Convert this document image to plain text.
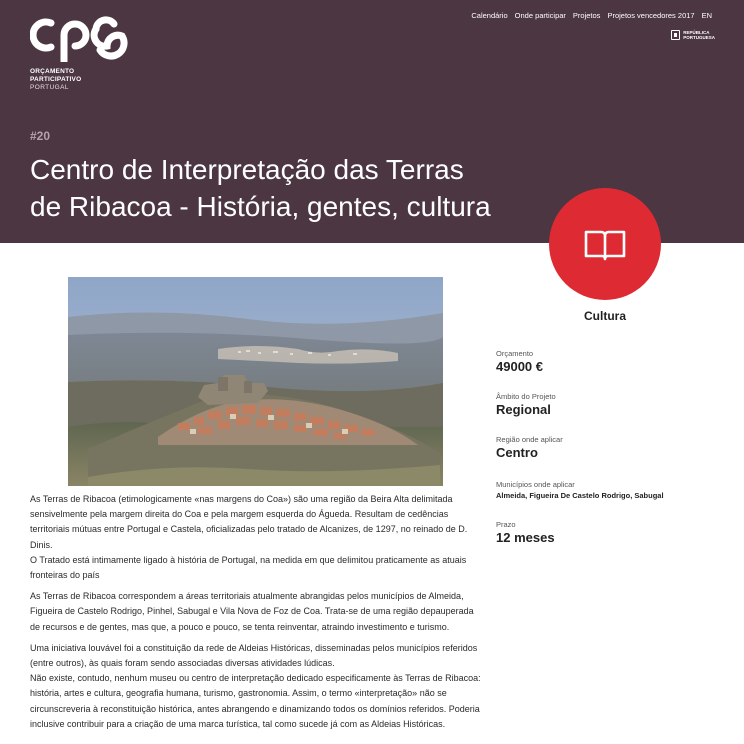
ORÇAMENTO
PARTICIPATIVO
PORTUGAL
Calendário Onde participar Projetos Projetos vencedores 2017 EN
REPÚBLICA
PORTUGUESA
#20
Centro de Interpretação das Terras de Ribacoa - História, gentes, cultura
Cultura
Orçamento
49000 €
Âmbito do Projeto
Regional
Região onde aplicar
Centro
Municípios onde aplicar
Almeida, Figueira De Castelo Rodrigo, Sabugal
Prazo
12 meses

As Terras de Ribacoa (etimologicamente «nas margens do Coa») são uma região da Beira Alta delimitada sensivelmente pela margem direita do Coa e pela margem esquerda do Águeda. Resultam de cedências territoriais mútuas entre Portugal e Castela, oficializadas pelo tratado de Alcanizes, de 1297, no reinado de D. Dinis.

O Tratado está intimamente ligado à história de Portugal, na medida em que delimitou praticamente as atuais fronteiras do país

As Terras de Ribacoa correspondem a áreas territoriais atualmente abrangidas pelos municípios de Almeida, Figueira de Castelo Rodrigo, Pinhel, Sabugal e Vila Nova de Foz de Coa. Trata-se de uma região depauperada de recursos e de gentes, mas que, a pouco e pouco, se tenta reinventar, atraindo investimento e turismo.

Uma iniciativa louvável foi a constituição da rede de Aldeias Históricas, disseminadas pelos municípios referidos (entre outros), às quais foram sendo associadas diversas atividades lúdicas.

Não existe, contudo, nenhum museu ou centro de interpretação dedicado especificamente às Terras de Ribacoa: história, artes e cultura, geografia humana, turismo, gastronomia. Assim, o termo «interpretação» não se circunscreveria à reconstituição histórica, antes abrangendo e dinamizando todos os domínios referidos. Poderia inclusive contribuir para a criação de uma marca turística, tal como sucede já com as Aldeias Históricas.
